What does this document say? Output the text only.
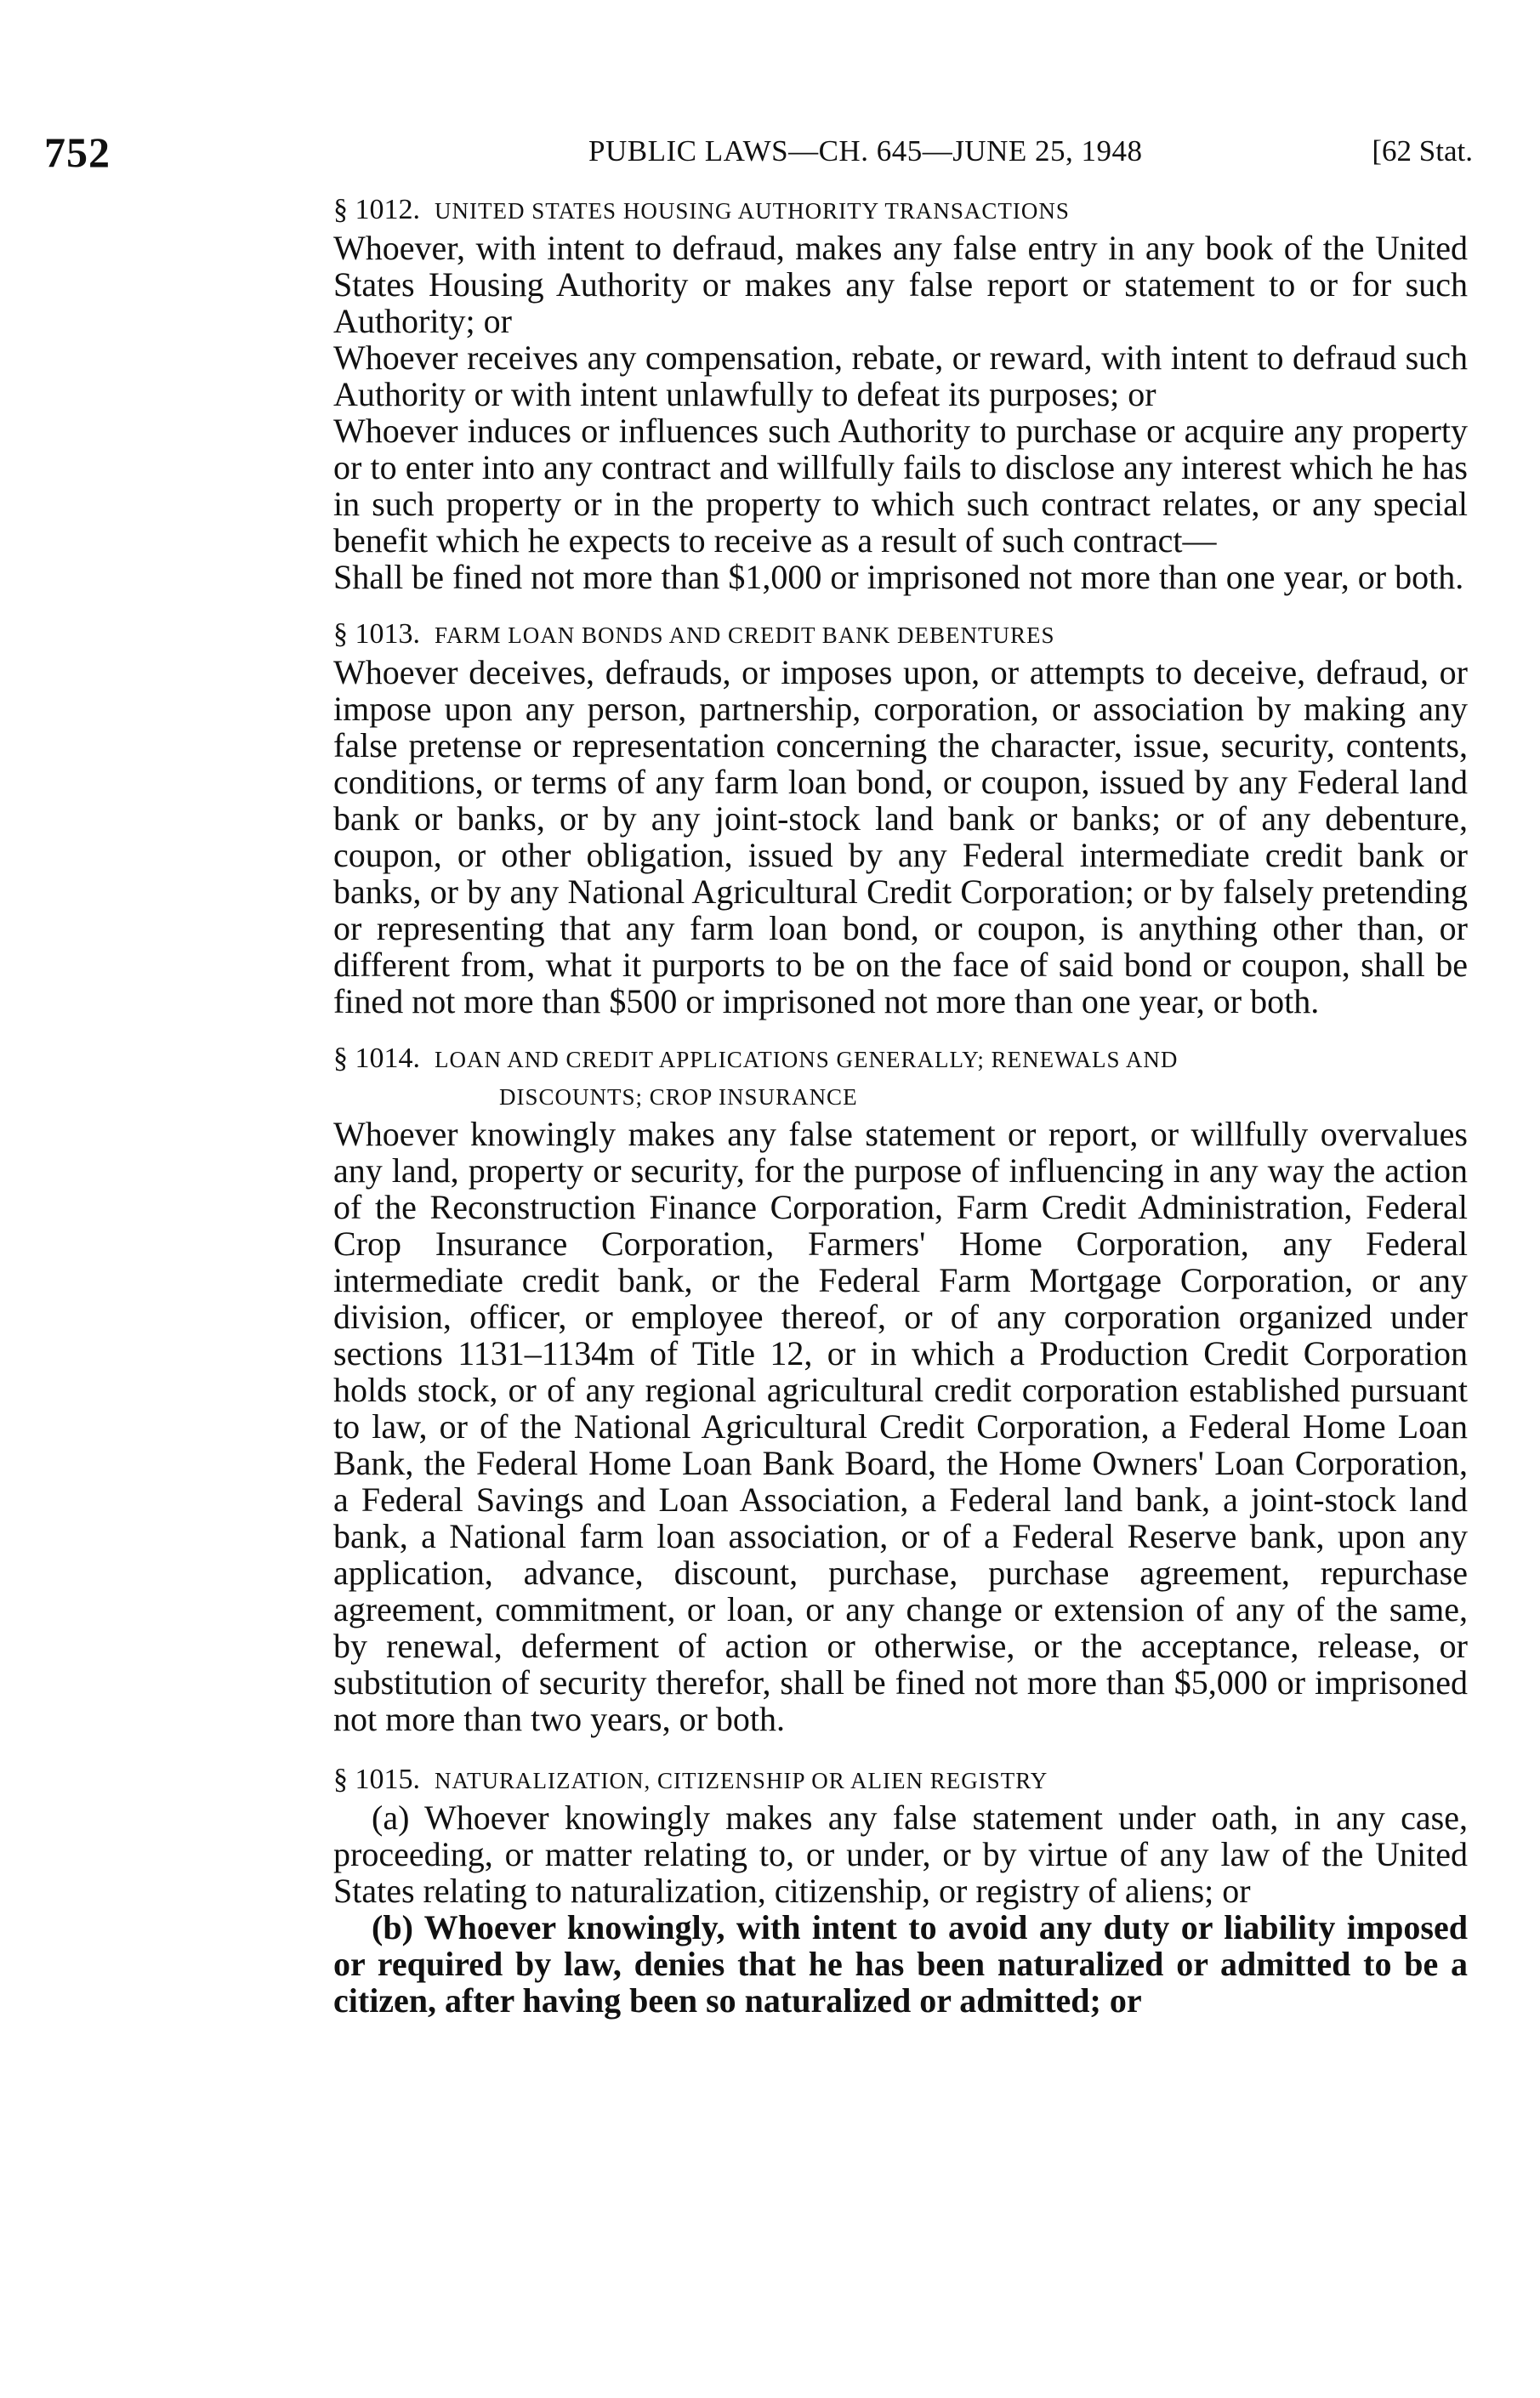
752	PUBLIC LAWS—CH. 645—JUNE 25, 1948	[62 Stat.
§ 1012. UNITED STATES HOUSING AUTHORITY TRANSACTIONS

Whoever, with intent to defraud, makes any false entry in any book of the United States Housing Authority or makes any false report or statement to or for such Authority; or

Whoever receives any compensation, rebate, or reward, with intent to defraud such Authority or with intent unlawfully to defeat its purposes; or

Whoever induces or influences such Authority to purchase or acquire any property or to enter into any contract and willfully fails to disclose any interest which he has in such property or in the property to which such contract relates, or any special benefit which he expects to receive as a result of such contract—

Shall be fined not more than $1,000 or imprisoned not more than one year, or both.

§ 1013. FARM LOAN BONDS AND CREDIT BANK DEBENTURES

Whoever deceives, defrauds, or imposes upon, or attempts to deceive, defraud, or impose upon any person, partnership, corporation, or association by making any false pretense or representation concerning the character, issue, security, contents, conditions, or terms of any farm loan bond, or coupon, issued by any Federal land bank or banks, or by any joint-stock land bank or banks; or of any debenture, coupon, or other obligation, issued by any Federal intermediate credit bank or banks, or by any National Agricultural Credit Corporation; or by falsely pretending or representing that any farm loan bond, or coupon, is anything other than, or different from, what it purports to be on the face of said bond or coupon, shall be fined not more than $500 or imprisoned not more than one year, or both.

§ 1014. LOAN AND CREDIT APPLICATIONS GENERALLY; RENEWALS AND
DISCOUNTS; CROP INSURANCE

Whoever knowingly makes any false statement or report, or willfully overvalues any land, property or security, for the purpose of influencing in any way the action of the Reconstruction Finance Corporation, Farm Credit Administration, Federal Crop Insurance Corporation, Farmers' Home Corporation, any Federal intermediate credit bank, or the Federal Farm Mortgage Corporation, or any division, officer, or employee thereof, or of any corporation organized under sections 1131–1134m of Title 12, or in which a Production Credit Corporation holds stock, or of any regional agricultural credit corporation established pursuant to law, or of the National Agricultural Credit Corporation, a Federal Home Loan Bank, the Federal Home Loan Bank Board, the Home Owners' Loan Corporation, a Federal Savings and Loan Association, a Federal land bank, a joint-stock land bank, a National farm loan association, or of a Federal Reserve bank, upon any application, advance, discount, purchase, purchase agreement, repurchase agreement, commitment, or loan, or any change or extension of any of the same, by renewal, deferment of action or otherwise, or the acceptance, release, or substitution of security therefor, shall be fined not more than $5,000 or imprisoned not more than two years, or both.

§ 1015. NATURALIZATION, CITIZENSHIP OR ALIEN REGISTRY

(a) Whoever knowingly makes any false statement under oath, in any case, proceeding, or matter relating to, or under, or by virtue of any law of the United States relating to naturalization, citizenship, or registry of aliens; or

(b) Whoever knowingly, with intent to avoid any duty or liability imposed or required by law, denies that he has been naturalized or admitted to be a citizen, after having been so naturalized or admitted; or
